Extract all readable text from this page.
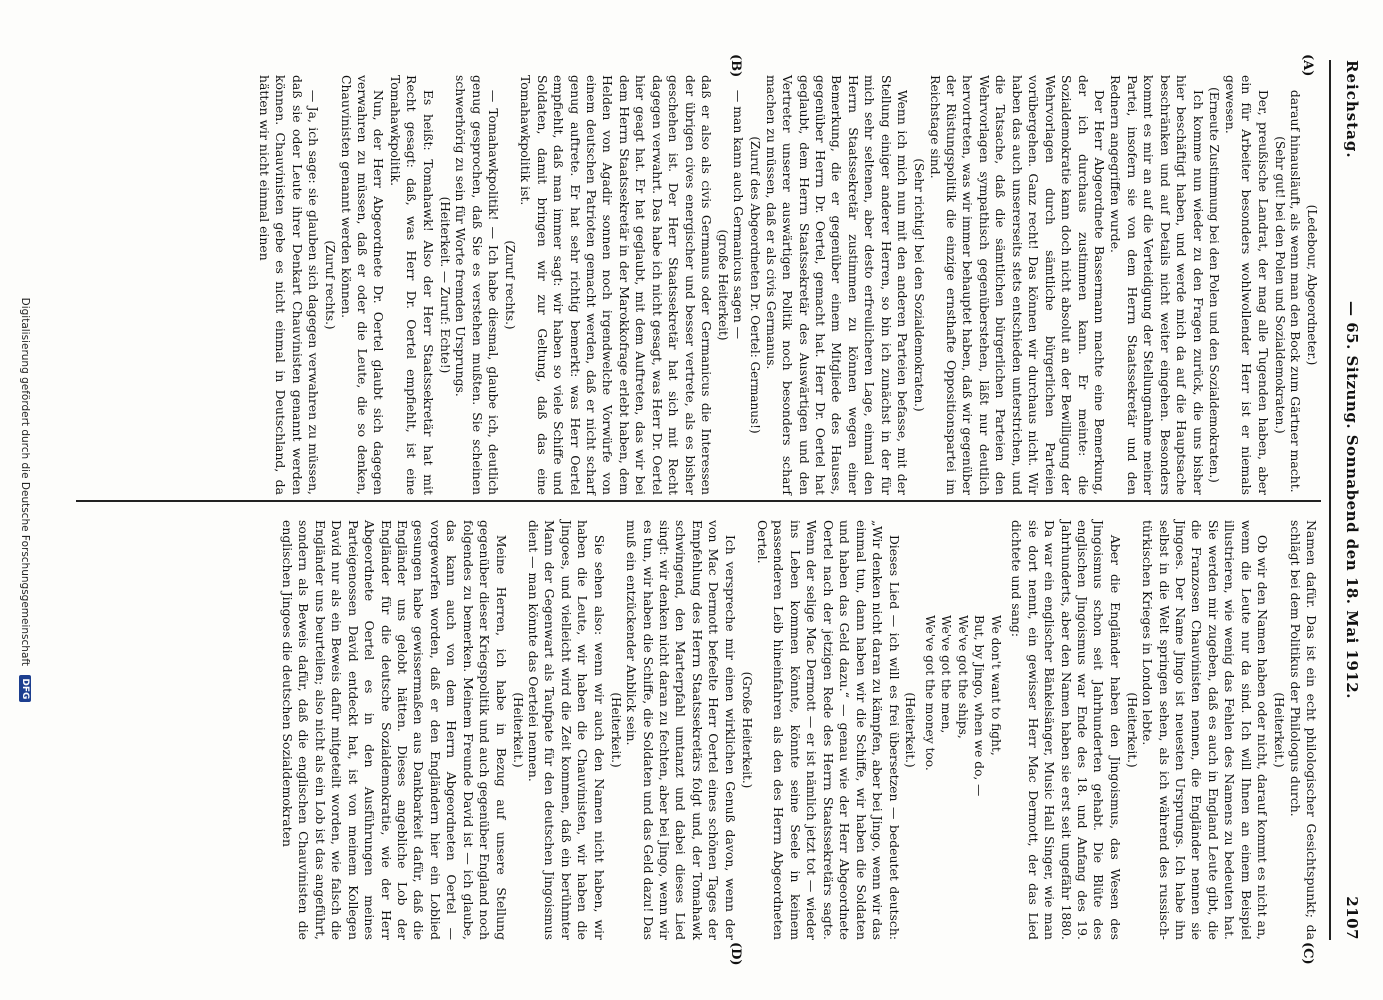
Reichstag.
— 65. Sitzung. Sonnabend den 18. Mai 1912.
2107
(A)
(B)
(C)
(D)

(Ledebour, Abgeordneter.)

darauf hinausläuft, als wenn man den Bock zum Gärtner macht.

(Sehr gut! bei den Polen und Sozialdemokraten.)

Der, preußische Landrat, der mag alle Tugenden haben, aber ein für Arbeiter besonders wohlwollender Herr ist er niemals gewesen.

(Erneute Zustimmung bei den Polen und den Sozialdemokraten.)

Ich komme nun wieder zu den Fragen zurück, die uns bisher hier beschäftigt haben, und werde mich da auf die Hauptsache beschränken und auf Details nicht weiter eingehen. Besonders kommt es mir an auf die Verteidigung der Stellungnahme meiner Partei, insofern sie von dem Herrn Staatssekretär und den Rednern angegriffen wurde.

Der Herr Abgeordnete Bassermann machte eine Bemerkung, der ich durchaus zustimmen kann. Er meinte: die Sozialdemokratie kann doch nicht absolut an der Bewilligung der Wehrvorlagen durch sämtliche bürgerlichen Parteien vorübergehen. Ganz recht! Das können wir durchaus nicht. Wir haben das auch unsererseits stets entschieden unterstrichen, und die Tatsache, daß die sämtlichen bürgerlichen Parteien den Wehrvorlagen sympathisch gegenüberstehen, läßt nur deutlich hervortreten, was wir immer behauptet haben, daß wir gegenüber der Rüstungspolitik die einzige ernsthafte Oppositionspartei im Reichstage sind.

(Sehr richtig! bei den Sozialdemokraten.)

Wenn ich mich nun mit den anderen Parteien befasse, mit der Stellung einiger anderer Herren, so bin ich zunächst in der für mich sehr seltenen, aber desto erfreulicheren Lage, einmal den Herrn Staatssekretär zustimmen zu können wegen einer Bemerkung, die er gegenüber einem Mitgliede des Hauses, gegenüber Herrn Dr. Oertel, gemacht hat. Herr Dr. Oertel hat geglaubt, dem Herrn Staatssekretär des Auswärtigen und den Vertreter unserer auswärtigen Politik noch besonders scharf machen zu müssen, daß er als civis Germanus.

(Zuruf des Abgeordneten Dr. Oertel: Germanus!)

— man kann auch Germanicus sagen —

(große Heiterkeit)

daß er also als civis Germanus oder Germanicus die Interessen der übrigen cives energischer und besser vertrete, als es bisher geschehen ist. Der Herr Staatssekretär hat sich mit Recht dagegen verwahrt. Das habe ich nicht gesagt, was Herr Dr. Oertel hier geagt hat. Er hat geglaubt, mit dem Auftreten, das wir bei dem Herrn Staatssekretär in der Marokkofrage erlebt haben, dem Helden von Agadir sonnen noch irgendwelche Vorwürfe von einem deutschen Patrioten gemacht werden, daß er nicht scharf genug auftrete. Er hat sehr richtig bemerkt: was Herr Oertel empfiehlt, daß man immer sagt: wir haben so viele Schiffe und Soldaten, damit bringen wir zur Geltung, daß das eine Tomahawkpolitik ist.

(Zuruf rechts.)

— Tomahawkpolitik! — Ich habe diesmal, glaube ich, deutlich genug gesprochen, daß Sie es verstehen mußten. Sie scheinen schwerhörig zu sein für Worte fremden Ursprungs.

(Heiterkeit. — Zuruf: Echte!)

Es heißt: Tomahawk! Also der Herr Staatssekretär hat mit Recht gesagt: daß, was Herr Dr. Oertel empfiehlt, ist eine Tomahawkpolitik.

Nun, der Herr Abgeordnete Dr. Oertel glaubt sich dagegen verwahren zu müssen, daß er oder die Leute, die so denken, Chauvinisten genannt werden können.

(Zuruf rechts.)

— Ja, ich sage: sie glauben sich dagegen verwahren zu müssen, daß sie oder Leute ihrer Denkart Chauvinisten genannt werden können. Chauvinisten gebe es nicht einmal in Deutschland, da hätten wir nicht einmal einen

Namen dafür. Das ist ein echt philologischer Gesichtspunkt; da schlägt bei dem Politikus der Philologus durch.

(Heiterkeit.)

Ob wir den Namen haben oder nicht, darauf kommt es nicht an, wenn die Leute nur da sind. Ich will Ihnen an einem Beispiel illustrieren, wie wenig das Fehlen des Namens zu bedeuten hat. Sie werden mir zugeben, daß es auch in England Leute gibt, die die Franzosen Chauvinisten nennen, die Engländer nennen sie Jingoes. Der Name Jingo ist neuesten Ursprungs. Ich habe ihn selbst in die Welt springen sehen, als ich während des russisch-türkischen Krieges in London lebte.

(Heiterkeit.)

Aber die Engländer haben den Jingoismus, das Wesen des Jingoismus schon seit Jahrhunderten gehabt. Die Blüte des englischen Jingoismus war Ende des 18. und Anfang des 19. Jahrhunderts, aber den Namen haben sie erst seit ungefähr 1880. Da war ein englischer Bänkelsänger, Music Hall Singer, wie man sie dort nennt, ein gewisser Herr Mac Dermott, der das Lied dichtete und sang:

We don't want to fight,
But, by Jingo, when we do, —
We've got the ships,
We've got the men,
We've got the money too.

(Heiterkeit.)

Dieses Lied — ich will es frei übersetzen — bedeutet deutsch: „Wir denken nicht daran zu kämpfen, aber bei Jingo, wenn wir das einmal tun, dann haben wir die Schiffe, wir haben die Soldaten und haben das Geld dazu.“ — genau wie der Herr Abgeordnete Oertel nach der jetzigen Rede des Herrn Staatssekretärs sagte. Wenn der selige Mac Dermott — er ist nämlich jetzt tot — wieder ins Leben kommen könnte, könnte seine Seele in keinem passenderen Leib hineinfahren als den des Herrn Abgeordneten Oertel.

(Große Heiterkeit.)

Ich verspreche mir einen wirklichen Genuß davon, wenn der von Mac Dermott befeelte Herr Oertel eines schönen Tages der Empfehlung des Herrn Staatssekretärs folgt und, der Tomahawk schwingend, den Marterpfahl umtanzt und dabei dieses Lied singt: wir denken nicht daran zu fechten, aber bei Jingo, wenn wir es tun, wir haben die Schiffe, die Soldaten und das Geld dazu! Das muß ein entzückender Anblick sein.

(Heiterkeit.)

Sie sehen also: wenn wir auch den Namen nicht haben, wir haben die Leute, wir haben die Chauvinisten, wir haben die Jingoes, und vielleicht wird die Zeit kommen, daß ein berühmter Mann der Gegenwart als Taufpate für den deutschen Jingoismus dient — man könnte das Oertelei nennen.

(Heiterkeit.)

Meine Herren, ich habe in Bezug auf unsere Stellung gegenüber dieser Kriegspolitik und auch gegenüber England noch folgendes zu bemerken. Meinem Freunde David ist — ich glaube, das kann auch von dem Herrn Abgeordneten Oertel — vorgeworfen worden, daß er den Engländern hier ein Loblied gesungen habe gewissermaßen aus Dankbarkeit dafür, daß die Engländer uns gelobt hätten. Dieses angebliche Lob der Engländer für die deutsche Sozialdemokratie, wie der Herr Abgeordnete Oertel es in den Ausführungen meines Parteigenossen David entdeckt hat, ist von meinem Kollegen David nur als ein Beweis dafür mitgeteilt worden, wie falsch die Engländer uns beurteilen; also nicht als ein Lob ist das angeführt, sondern als Beweis dafür, daß die englischen Chauvinisten die englischen Jingoes die deutschen Sozialdemokraten

Digitalisierung gefördert durch die Deutsche Forschungsgemeinschaft DFG
